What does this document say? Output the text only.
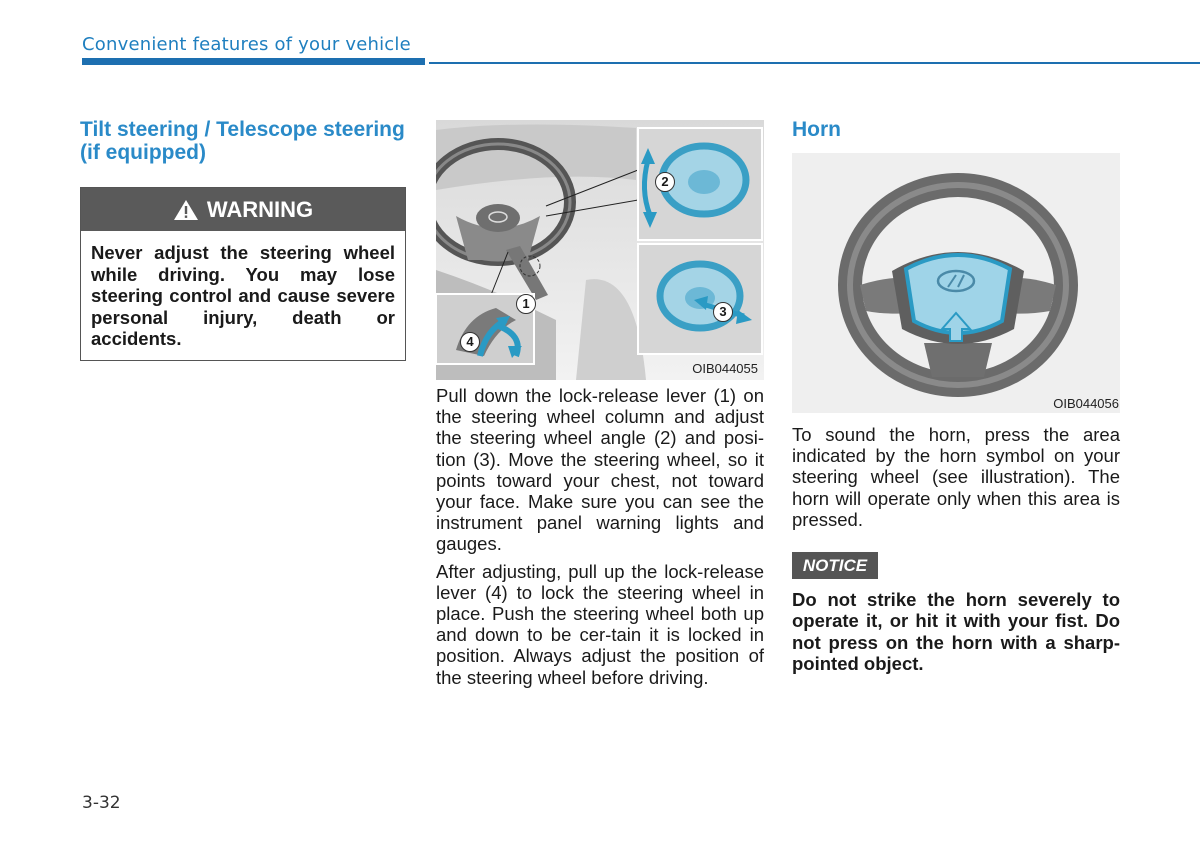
Convenient features of your vehicle
Tilt steering / Telescope steering
(if equipped)
WARNING
Never adjust the steering wheel while driving. You may lose steering control and cause severe personal injury, death or accidents.
2
3
1
4
OIB044055

Pull down the lock-release lever (1) on the steering wheel column and adjust the steering wheel angle (2) and posi-tion (3). Move the steering wheel, so it points toward your chest, not toward your face. Make sure you can see the instrument panel warning lights and gauges.

After adjusting, pull up the lock-release lever (4) to lock the steering wheel in place. Push the steering wheel both up and down to be cer-tain it is locked in position. Always adjust the position of the steering wheel before driving.

Horn
OIB044056
To sound the horn, press the area indicated by the horn symbol on your steering wheel (see illustration). The horn will operate only when this area is pressed.
NOTICE
Do not strike the horn severely to operate it, or hit it with your fist. Do not press on the horn with a sharp-pointed object.
3-32
